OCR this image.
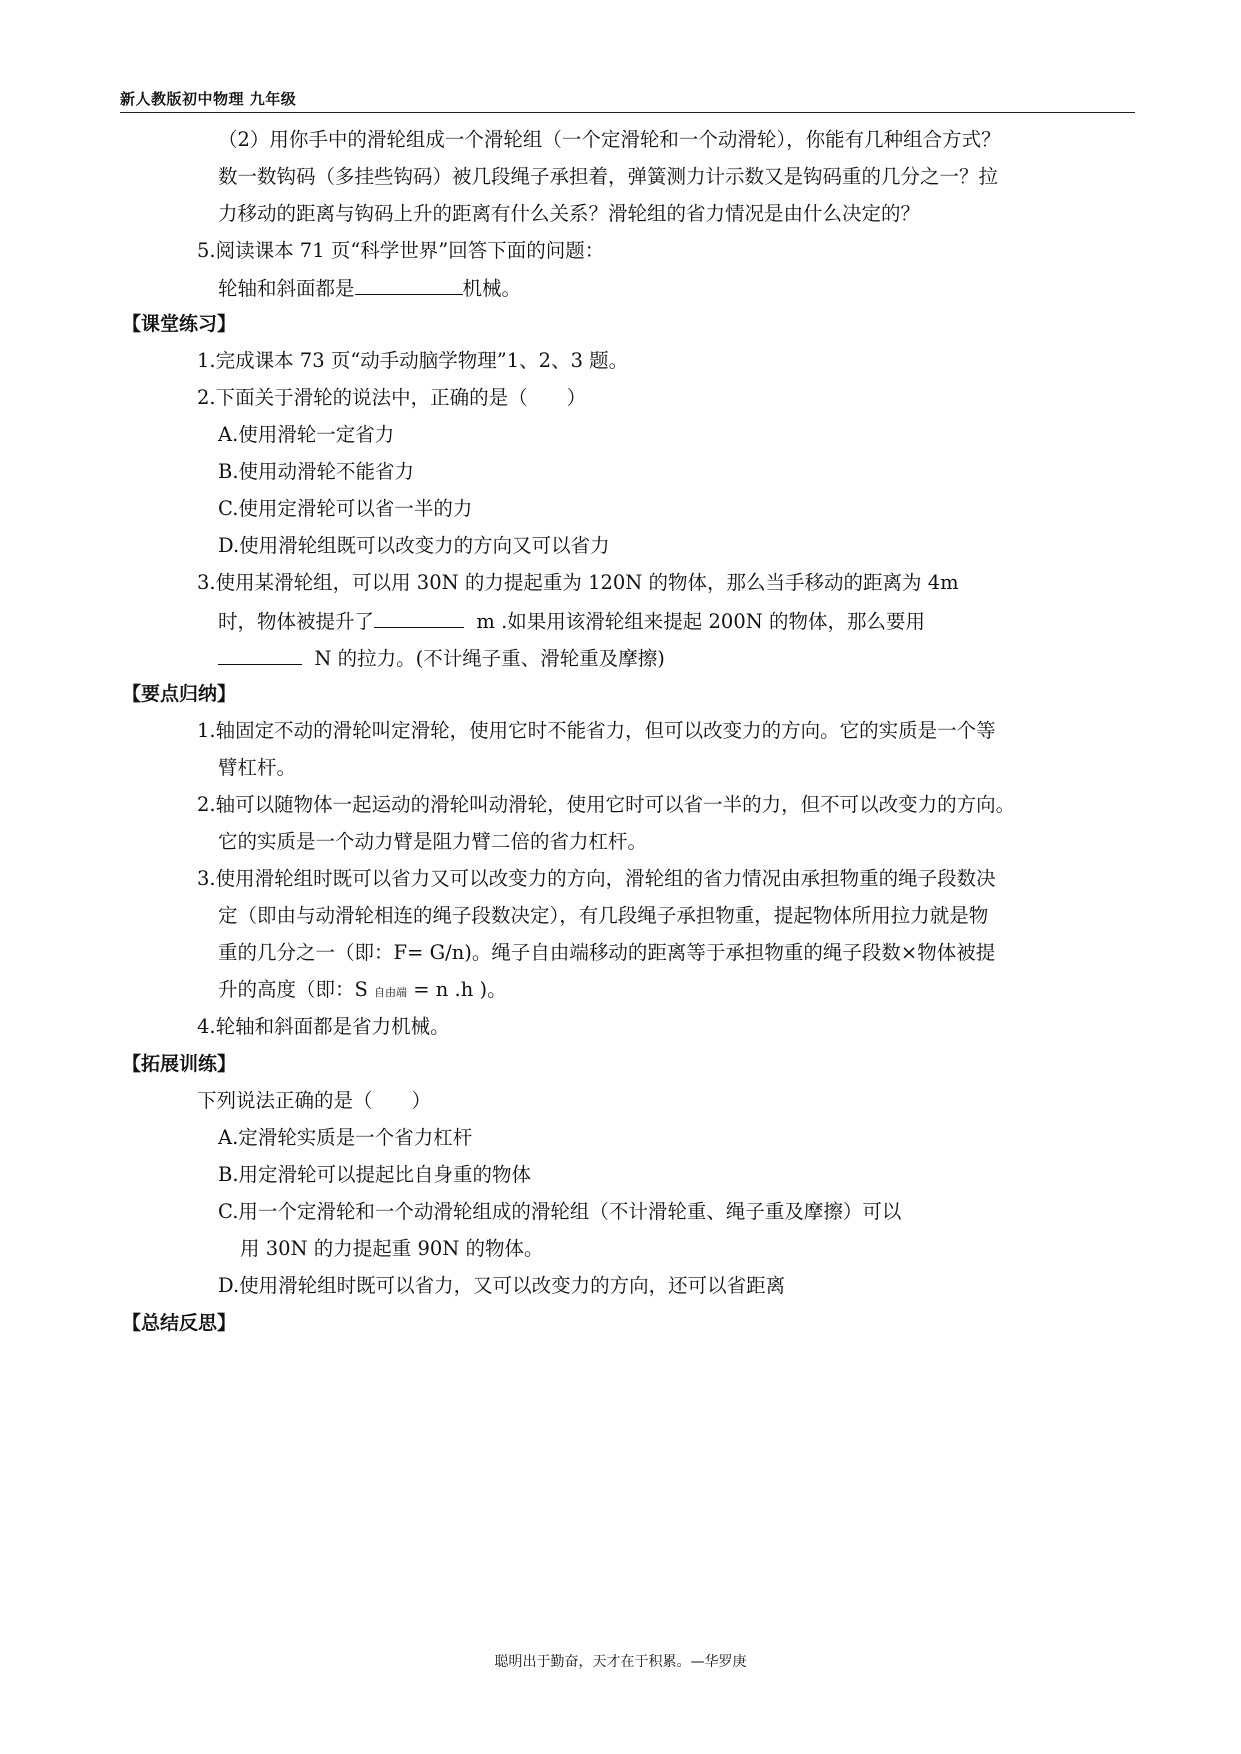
新人教版初中物理 九年级
（2）用你手中的滑轮组成一个滑轮组（一个定滑轮和一个动滑轮），你能有几种组合方式？
数一数钩码（多挂些钩码）被几段绳子承担着，弹簧测力计示数又是钩码重的几分之一？拉
力移动的距离与钩码上升的距离有什么关系？滑轮组的省力情况是由什么决定的？
5.阅读课本 71 页“科学世界”回答下面的问题：
轮轴和斜面都是	机械。
【课堂练习】
1.完成课本 73 页“动手动脑学物理”1、2、3 题。
2.下面关于滑轮的说法中，正确的是（　　）
A.使用滑轮一定省力
B.使用动滑轮不能省力
C.使用定滑轮可以省一半的力
D.使用滑轮组既可以改变力的方向又可以省力
3.使用某滑轮组，可以用 30N 的力提起重为 120N 的物体，那么当手移动的距离为 4m
时，物体被提升了	m .如果用该滑轮组来提起 200N 的物体，那么要用
N 的拉力。(不计绳子重、滑轮重及摩擦)
【要点归纳】
1.轴固定不动的滑轮叫定滑轮，使用它时不能省力，但可以改变力的方向。它的实质是一个等
臂杠杆。
2.轴可以随物体一起运动的滑轮叫动滑轮，使用它时可以省一半的力，但不可以改变力的方向。
它的实质是一个动力臂是阻力臂二倍的省力杠杆。
3.使用滑轮组时既可以省力又可以改变力的方向，滑轮组的省力情况由承担物重的绳子段数决
定（即由与动滑轮相连的绳子段数决定），有几段绳子承担物重，提起物体所用拉力就是物
重的几分之一（即：F= G/n)。绳子自由端移动的距离等于承担物重的绳子段数×物体被提
升的高度（即：S 自由端 = n .h )。
4.轮轴和斜面都是省力机械。
【拓展训练】
下列说法正确的是（　　）
A.定滑轮实质是一个省力杠杆
B.用定滑轮可以提起比自身重的物体
C.用一个定滑轮和一个动滑轮组成的滑轮组（不计滑轮重、绳子重及摩擦）可以
用 30N 的力提起重 90N 的物体。
D.使用滑轮组时既可以省力，又可以改变力的方向，还可以省距离
【总结反思】
聪明出于勤奋，天才在于积累。—华罗庚
